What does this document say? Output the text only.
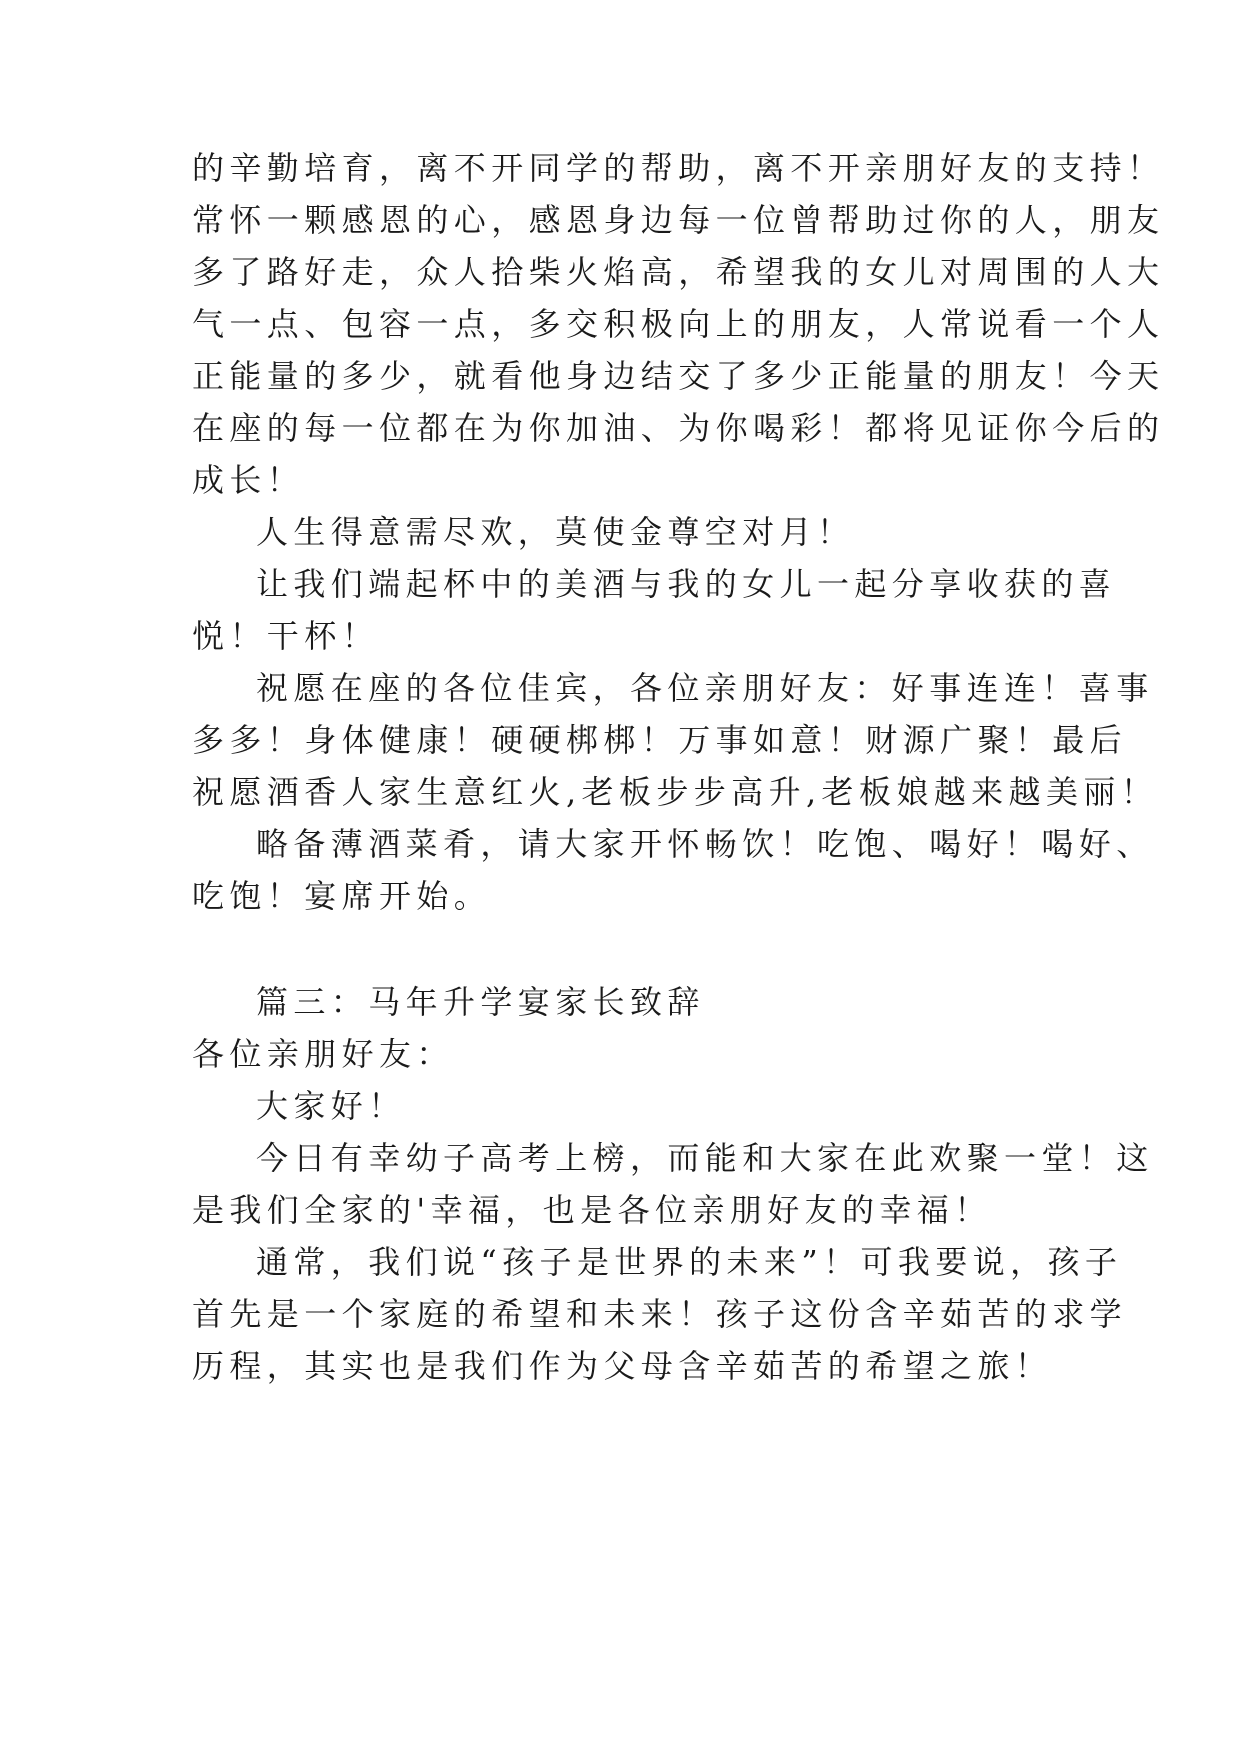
的辛勤培育，离不开同学的帮助，离不开亲朋好友的支持！
常怀一颗感恩的心，感恩身边每一位曾帮助过你的人，朋友
多了路好走，众人拾柴火焰高，希望我的女儿对周围的人大
气一点、包容一点，多交积极向上的朋友，人常说看一个人
正能量的多少，就看他身边结交了多少正能量的朋友！今天
在座的每一位都在为你加油、为你喝彩！都将见证你今后的
成长！
人生得意需尽欢，莫使金尊空对月！
让我们端起杯中的美酒与我的女儿一起分享收获的喜
悦！干杯！
祝愿在座的各位佳宾，各位亲朋好友：好事连连！喜事
多多！身体健康！硬硬梆梆！万事如意！财源广聚！最后
祝愿酒香人家生意红火,老板步步高升,老板娘越来越美丽！
略备薄酒菜肴，请大家开怀畅饮！吃饱、喝好！喝好、
吃饱！宴席开始。
篇三：马年升学宴家长致辞
各位亲朋好友：
大家好！
今日有幸幼子高考上榜，而能和大家在此欢聚一堂！这
是我们全家的'幸福，也是各位亲朋好友的幸福！
通常，我们说“孩子是世界的未来”！可我要说，孩子
首先是一个家庭的希望和未来！孩子这份含辛茹苦的求学
历程，其实也是我们作为父母含辛茹苦的希望之旅！
